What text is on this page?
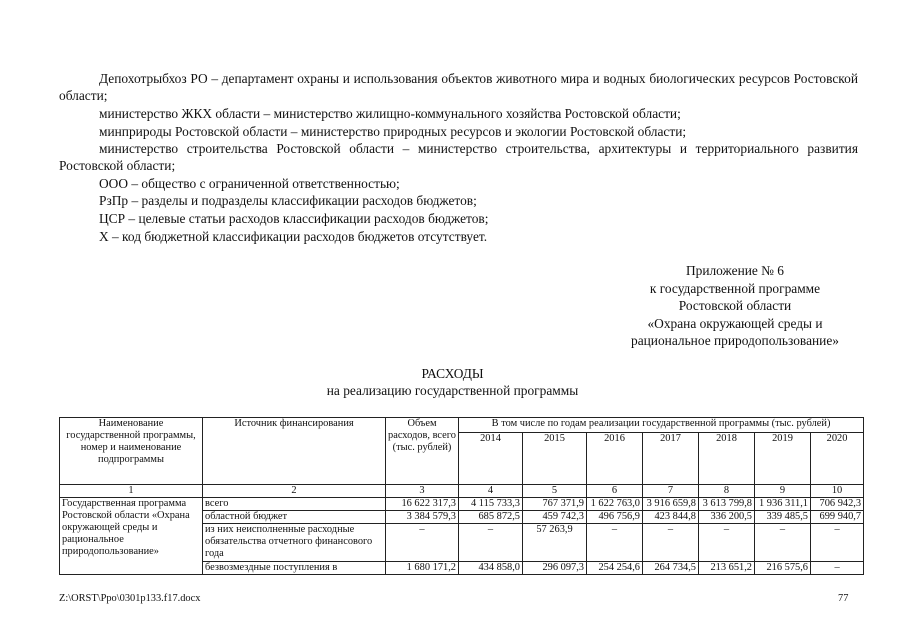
Депохотрыбхоз РО – департамент охраны и использования объектов животного мира и водных биологических ресурсов Ростовской области;

министерство ЖКХ области – министерство жилищно-коммунального хозяйства Ростовской области;

минприроды Ростовской области – министерство природных ресурсов и экологии Ростовской области;

министерство строительства Ростовской области – министерство строительства, архитектуры и территориального развития Ростовской области;

ООО – общество с ограниченной ответственностью;

РзПр – разделы и подразделы классификации расходов бюджетов;

ЦСР – целевые статьи расходов классификации расходов бюджетов;

Х – код бюджетной классификации расходов бюджетов отсутствует.

Приложение № 6
к государственной программе
Ростовской области
«Охрана окружающей среды и
рациональное природопользование»
РАСХОДЫ
на реализацию государственной программы
Наименование государственной программы, номер и наименование подпрограммы	Источник финансирования	Объем расходов, всего (тыс. рублей)	В том числе по годам реализации государственной программы (тыс. рублей)						
			2014	2015	2016	2017	2018	2019	2020
1	2	3	4	5	6	7	8	9	10
Государственная программа Ростовской области «Охрана окружающей среды и рациональное природопользование»	всего	16 622 317,3	4 115 733,3	767 371,9	1 622 763,0	3 916 659,8	3 613 799,8	1 936 311,1	706 942,3
	областной бюджет	3 384 579,3	685 872,5	459 742,3	496 756,9	423 844,8	336 200,5	339 485,5	699 940,7
	из них неисполненные расходные обязательства отчетного финансового года	–	–	57 263,9	–	–	–	–	–
	безвозмездные поступления в	1 680 171,2	434 858,0	296 097,3	254 254,6	264 734,5	213 651,2	216 575,6	–
Z:\ORST\Ppo\0301p133.f17.docx	77
